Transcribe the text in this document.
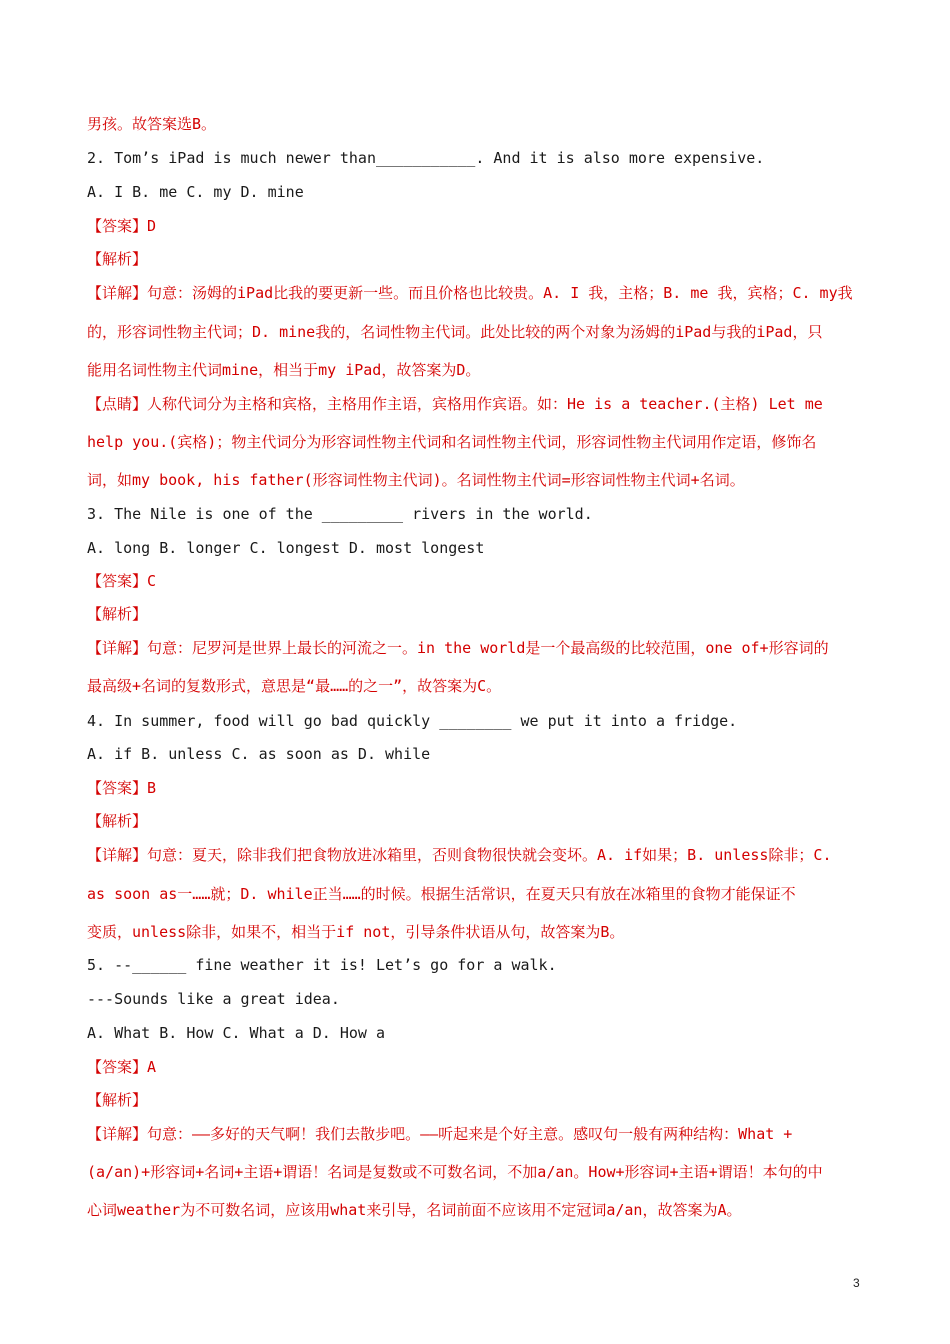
男孩。故答案选B。
2. Tom’s iPad is much newer than___________. And it is also more expensive.
A. I B. me C. my D. mine
【答案】D
【解析】
【详解】句意：汤姆的iPad比我的要更新一些。而且价格也比较贵。A. I 我，主格；B. me 我，宾格；C. my我
的，形容词性物主代词；D. mine我的，名词性物主代词。此处比较的两个对象为汤姆的iPad与我的iPad，只
能用名词性物主代词mine，相当于my iPad，故答案为D。
【点睛】人称代词分为主格和宾格，主格用作主语，宾格用作宾语。如：He is a teacher.(主格) Let me
help you.(宾格)；物主代词分为形容词性物主代词和名词性物主代词，形容词性物主代词用作定语，修饰名
词，如my book, his father(形容词性物主代词)。名词性物主代词=形容词性物主代词+名词。
3. The Nile is one of the _________ rivers in the world.
A. long B. longer C. longest D. most longest
【答案】C
【解析】
【详解】句意：尼罗河是世界上最长的河流之一。in the world是一个最高级的比较范围，one of+形容词的
最高级+名词的复数形式，意思是“最……的之一”，故答案为C。
4. In summer, food will go bad quickly ________ we put it into a fridge.
A. if B. unless C. as soon as D. while
【答案】B
【解析】
【详解】句意：夏天，除非我们把食物放进冰箱里，否则食物很快就会变坏。A. if如果；B. unless除非；C.
as soon as一……就；D. while正当……的时候。根据生活常识，在夏天只有放在冰箱里的食物才能保证不
变质，unless除非，如果不，相当于if not，引导条件状语从句，故答案为B。
5. --______ fine weather it is! Let’s go for a walk.
---Sounds like a great idea.
A. What B. How C. What a D. How a
【答案】A
【解析】
【详解】句意：——多好的天气啊！我们去散步吧。——听起来是个好主意。感叹句一般有两种结构：What +
(a/an)+形容词+名词+主语+谓语！名词是复数或不可数名词，不加a/an。How+形容词+主语+谓语！本句的中
心词weather为不可数名词，应该用what来引导，名词前面不应该用不定冠词a/an，故答案为A。
3
